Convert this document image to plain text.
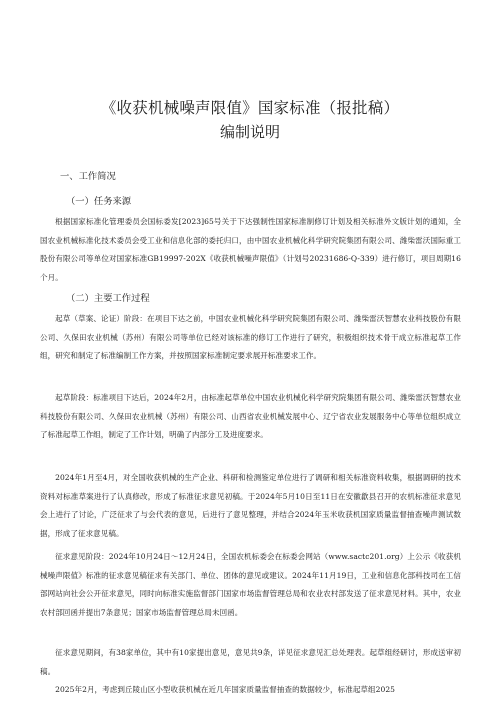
《收获机械噪声限值》国家标准（报批稿）
编制说明
一、工作简况
（一）任务来源
根据国家标准化管理委员会国标委发[2023]65号关于下达强制性国家标准制修订计划及相关标准外文版计划的通知，全国农业机械标准化技术委员会受工业和信息化部的委托归口，由中国农业机械化科学研究院集团有限公司、潍柴雷沃国际重工股份有限公司等单位对国家标准GB19997-202X《收获机械噪声限值》（计划号20231686-Q-339）进行修订，项目周期16个月。
（二）主要工作过程
起草（草案、论证）阶段：在项目下达之前，中国农业机械化科学研究院集团有限公司、潍柴雷沃智慧农业科技股份有限公司、久保田农业机械（苏州）有限公司等单位已经对该标准的修订工作进行了研究，积极组织技术骨干成立标准起草工作组，研究和制定了标准编制工作方案，并按照国家标准制定要求展开标准要求工作。
起草阶段：标准项目下达后，2024年2月，由标准起草单位中国农业机械化科学研究院集团有限公司、潍柴雷沃智慧农业科技股份有限公司、久保田农业机械（苏州）有限公司、山西省农业机械发展中心、辽宁省农业发展服务中心等单位组织成立了标准起草工作组，制定了工作计划，明确了内部分工及进度要求。
2024年1月至4月，对全国收获机械的生产企业、科研和检测鉴定单位进行了调研和相关标准资料收集，根据调研的技术资料对标准草案进行了认真修改，形成了标准征求意见初稿。于2024年5月10日至11日在安徽歙县召开的农机标准征求意见会上进行了讨论，广泛征求了与会代表的意见，后进行了意见整理，并结合2024年玉米收获机国家质量监督抽查噪声测试数据，形成了征求意见稿。
征求意见阶段：2024年10月24日～12月24日，全国农机标委会在标委会网站（www.sactc201.org）上公示《收获机械噪声限值》标准的征求意见稿征求有关部门、单位、团体的意见或建议。2024年11月19日，工业和信息化部科技司在工信部网站向社会公开征求意见，同时向标准实施监督部门国家市场监督管理总局和农业农村部发送了征求意见材料。其中，农业农村部回函并提出7条意见；国家市场监督管理总局未回函。
征求意见期间，有38家单位，其中有10家提出意见，意见共9条，详见征求意见汇总处理表。起草组经研讨，形成送审初稿。
2025年2月，考虑到丘陵山区小型收获机械在近几年国家质量监督抽查的数据较少，标准起草组2025
